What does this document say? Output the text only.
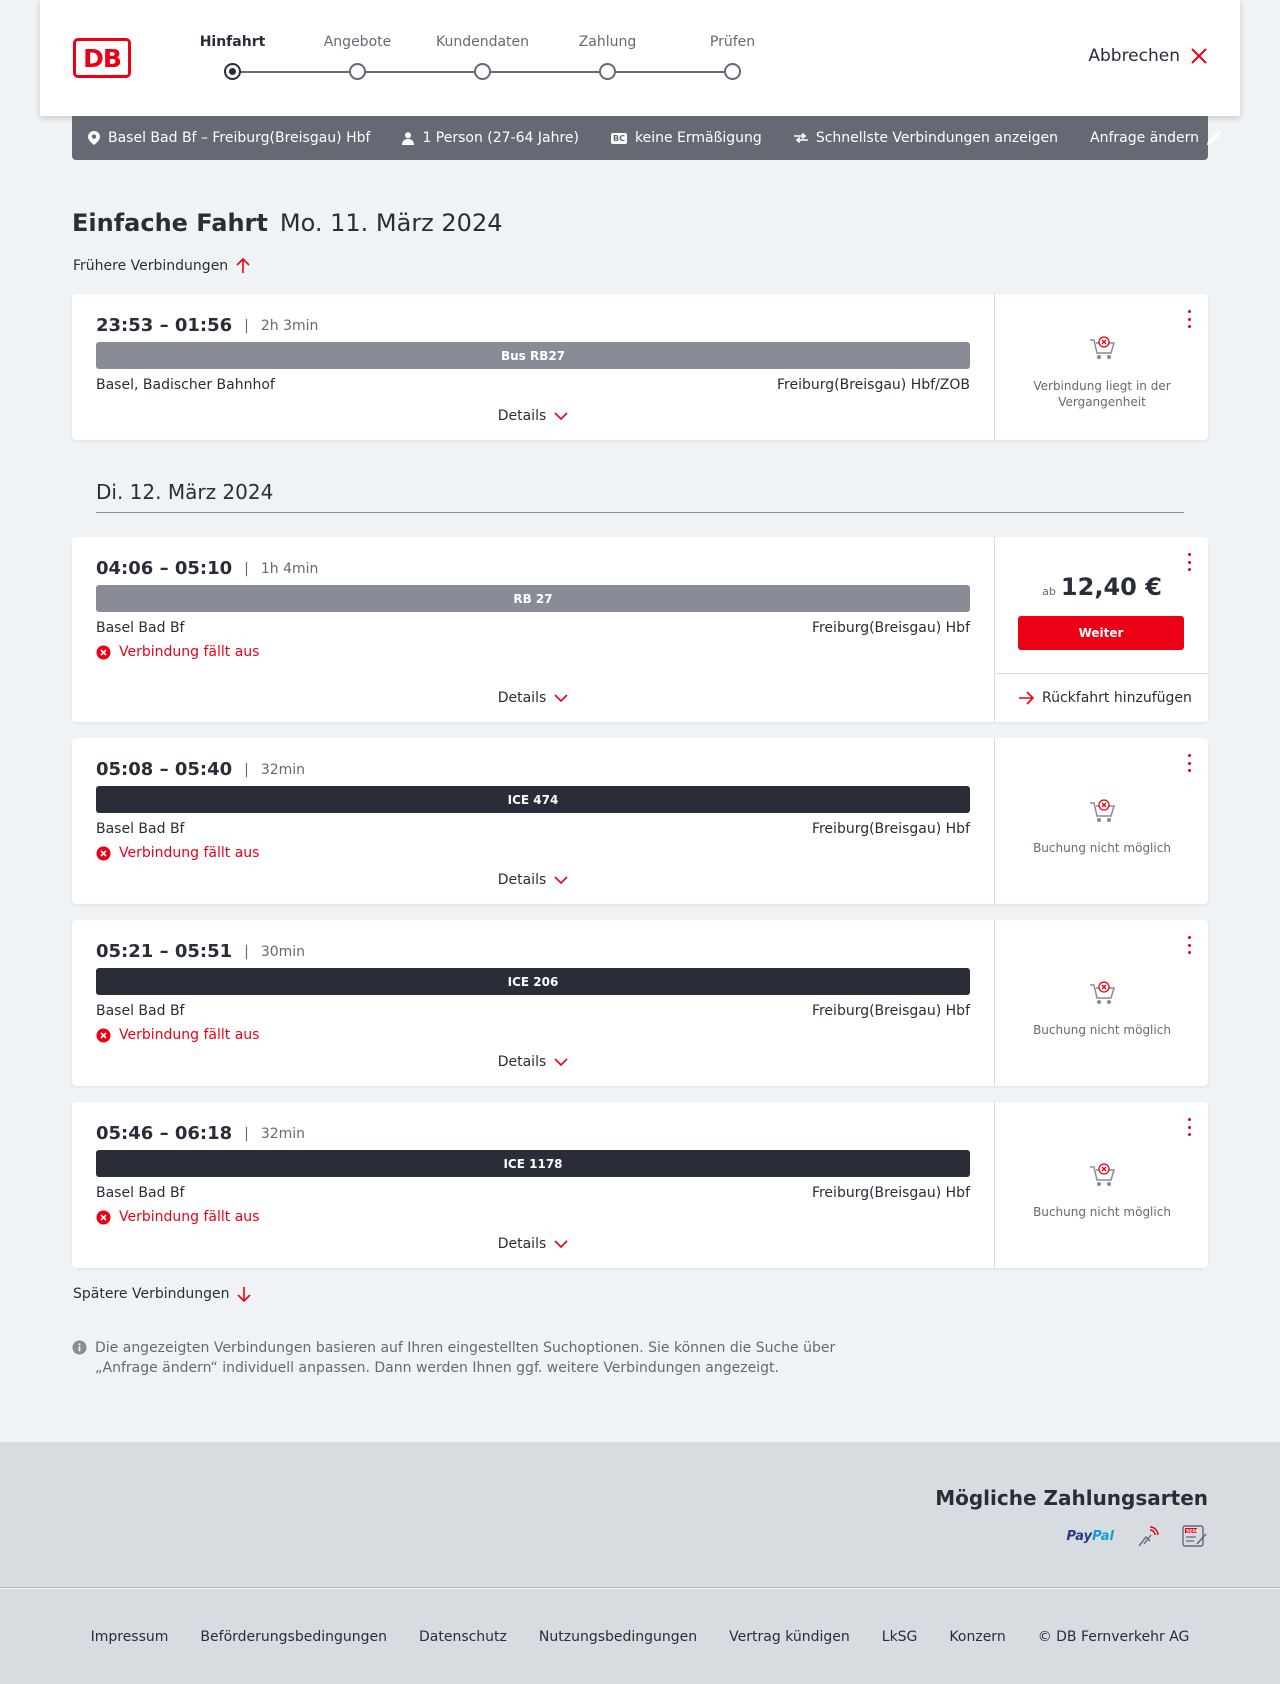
DB
Hinfahrt	Angebote	Kundendaten	Zahlung	Prüfen
Abbrechen
Basel Bad Bf – Freiburg(Breisgau) Hbf	1 Person (27-64 Jahre)	BC keine Ermäßigung	Schnellste Verbindungen anzeigen Anfrage ändern
Einfache Fahrt Mo. 11. März 2024
Frühere Verbindungen
23:53 – 01:56 | 2h 3min
Bus RB27
Basel, Badischer Bahnhof	Freiburg(Breisgau) Hbf/ZOB
Details
Verbindung liegt in der Vergangenheit
Di. 12. März 2024
04:06 – 05:10 | 1h 4min
RB 27
Basel Bad Bf	Freiburg(Breisgau) Hbf
Verbindung fällt aus
Details
ab 12,40 €
Weiter
Rückfahrt hinzufügen
05:08 – 05:40 | 32min
ICE 474
Basel Bad Bf	Freiburg(Breisgau) Hbf
Verbindung fällt aus
Details
Buchung nicht möglich
05:21 – 05:51 | 30min
ICE 206
Basel Bad Bf	Freiburg(Breisgau) Hbf
Verbindung fällt aus
Details
Buchung nicht möglich
05:46 – 06:18 | 32min
ICE 1178
Basel Bad Bf	Freiburg(Breisgau) Hbf
Verbindung fällt aus
Details
Buchung nicht möglich
Spätere Verbindungen
Die angezeigten Verbindungen basieren auf Ihren eingestellten Suchoptionen. Sie können die Suche über „Anfrage ändern“ individuell anpassen. Dann werden Ihnen ggf. weitere Verbindungen angezeigt.
Mögliche Zahlungsarten
PayPal	SEPA
Impressum Beförderungsbedingungen Datenschutz Nutzungsbedingungen Vertrag kündigen LkSG Konzern © DB Fernverkehr AG
